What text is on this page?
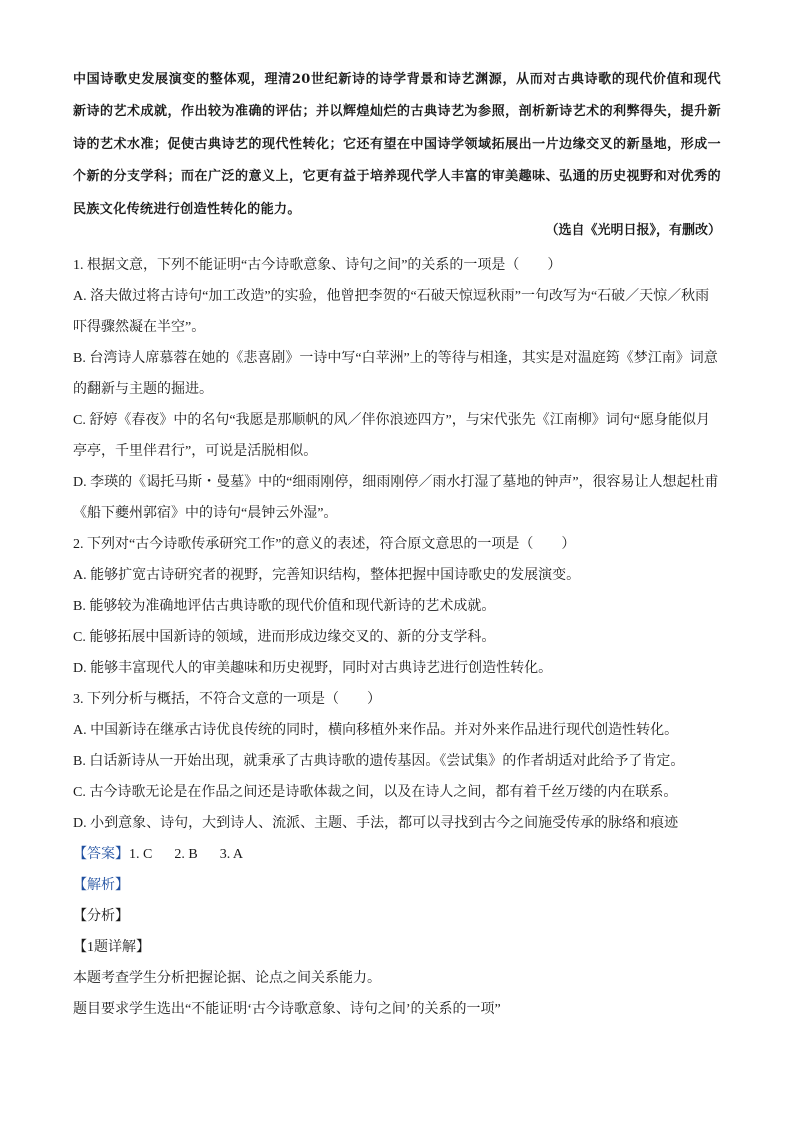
中国诗歌史发展演变的整体观，理清20世纪新诗的诗学背景和诗艺渊源，从而对古典诗歌的现代价值和现代新诗的艺术成就，作出较为准确的评估；并以辉煌灿烂的古典诗艺为参照，剖析新诗艺术的利弊得失，提升新诗的艺术水准；促使古典诗艺的现代性转化；它还有望在中国诗学领域拓展出一片边缘交叉的新垦地，形成一个新的分支学科；而在广泛的意义上，它更有益于培养现代学人丰富的审美趣味、弘通的历史视野和对优秀的民族文化传统进行创造性转化的能力。
（选自《光明日报》，有删改）

1. 根据文意，下列不能证明“古今诗歌意象、诗句之间”的关系的一项是（　　）

A. 洛夫做过将古诗句“加工改造”的实验，他曾把李贺的“石破天惊逗秋雨”一句改写为“石破／天惊／秋雨吓得骤然凝在半空”。

B. 台湾诗人席慕蓉在她的《悲喜剧》一诗中写“白苹洲”上的等待与相逢，其实是对温庭筠《梦江南》词意的翻新与主题的掘进。

C. 舒婷《春夜》中的名句“我愿是那顺帆的风／伴你浪迹四方”，与宋代张先《江南柳》词句“愿身能似月亭亭，千里伴君行”，可说是活脱相似。

D. 李瑛的《谒托马斯・曼墓》中的“细雨刚停，细雨刚停／雨水打湿了墓地的钟声”，很容易让人想起杜甫《船下夔州郭宿》中的诗句“晨钟云外湿”。

2. 下列对“古今诗歌传承研究工作”的意义的表述，符合原文意思的一项是（　　）

A. 能够扩宽古诗研究者的视野，完善知识结构，整体把握中国诗歌史的发展演变。

B. 能够较为准确地评估古典诗歌的现代价值和现代新诗的艺术成就。

C. 能够拓展中国新诗的领域，进而形成边缘交叉的、新的分支学科。

D. 能够丰富现代人的审美趣味和历史视野，同时对古典诗艺进行创造性转化。

3. 下列分析与概括，不符合文意的一项是（　　）

A. 中国新诗在继承古诗优良传统的同时，横向移植外来作品。并对外来作品进行现代创造性转化。

B. 白话新诗从一开始出现，就秉承了古典诗歌的遗传基因。《尝试集》的作者胡适对此给予了肯定。

C. 古今诗歌无论是在作品之间还是诗歌体裁之间，以及在诗人之间，都有着千丝万缕的内在联系。

D. 小到意象、诗句，大到诗人、流派、主题、手法，都可以寻找到古今之间施受传承的脉络和痕迹

【答案】1. C 2. B 3. A

【解析】

【分析】

【1题详解】

本题考查学生分析把握论据、论点之间关系能力。

题目要求学生选出“不能证明‘古今诗歌意象、诗句之间’的关系的一项”
